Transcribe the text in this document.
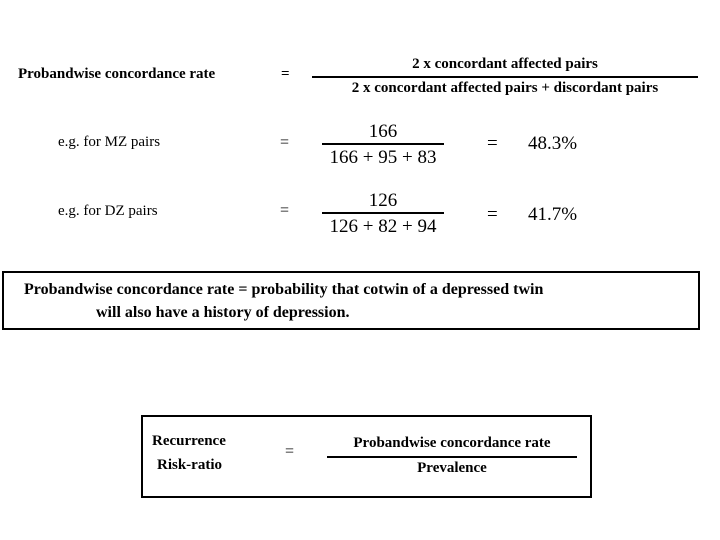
Probandwise concordance rate	=
2 x concordant affected pairs
2 x concordant affected pairs + discordant pairs
e.g. for MZ pairs	=
166
166 + 95 + 83
= 48.3%
e.g. for DZ pairs	=	126
126 + 82 + 94
= 41.7%
Probandwise concordance rate = probability that cotwin of a depressed twin
will also have a history of depression.
Recurrence
Risk-ratio
=	Probandwise concordance rate
Prevalence
